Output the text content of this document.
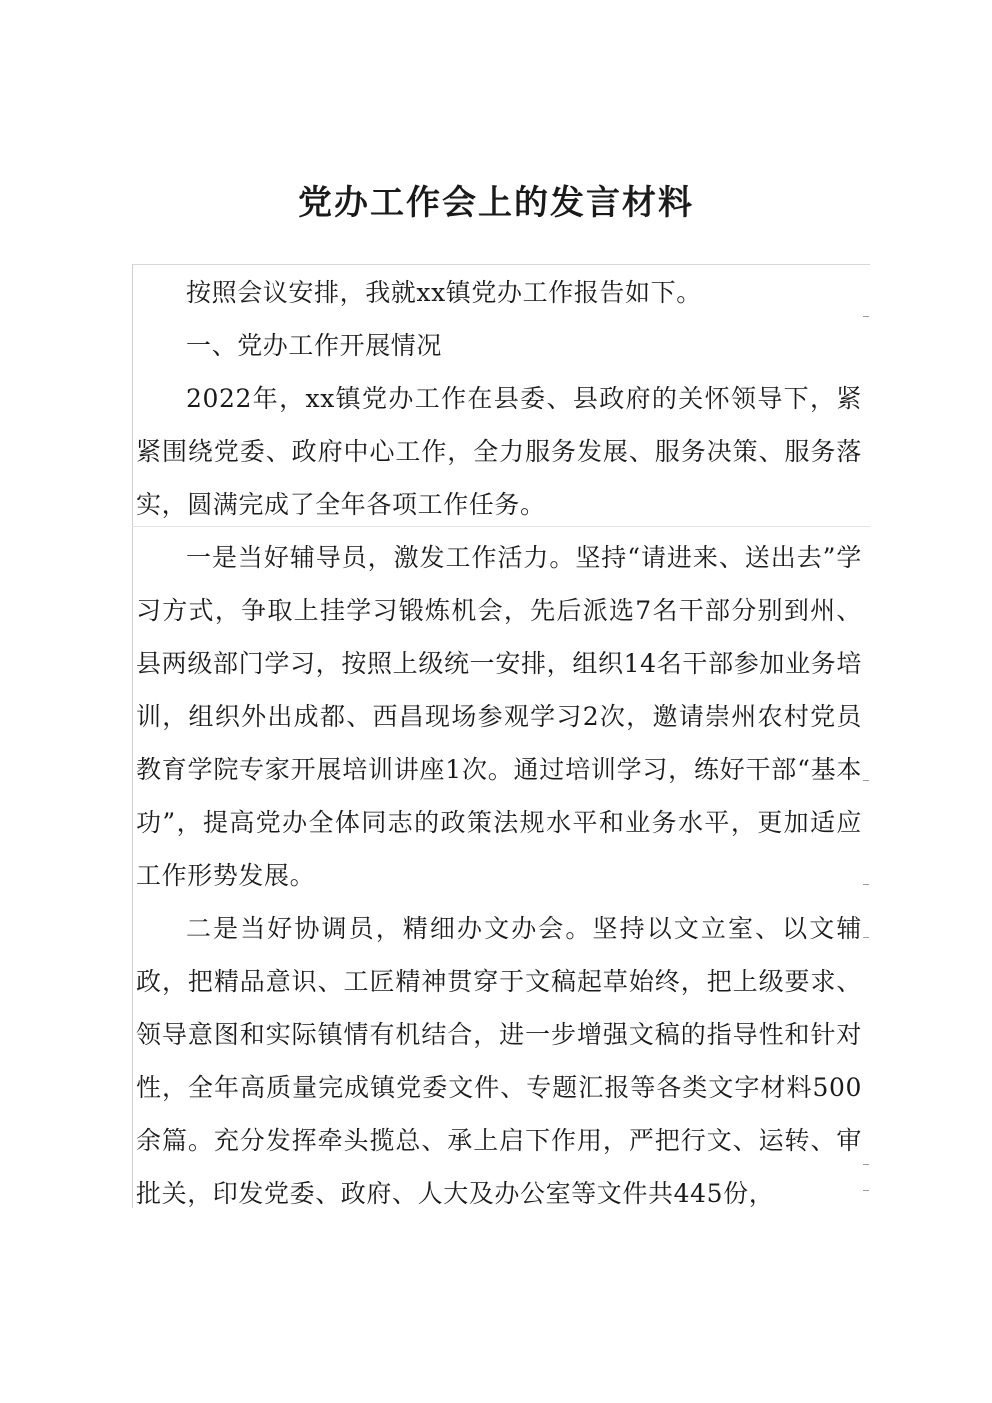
党办工作会上的发言材料

按照会议安排，我就xx镇党办工作报告如下。

一、党办工作开展情况

2022年，xx镇党办工作在县委、县政府的关怀领导下，紧紧围绕党委、政府中心工作，全力服务发展、服务决策、服务落实，圆满完成了全年各项工作任务。

一是当好辅导员，激发工作活力。坚持“请进来、送出去”学习方式，争取上挂学习锻炼机会，先后派选7名干部分别到州、县两级部门学习，按照上级统一安排，组织14名干部参加业务培训，组织外出成都、西昌现场参观学习2次，邀请崇州农村党员教育学院专家开展培训讲座1次。通过培训学习，练好干部“基本功”，提高党办全体同志的政策法规水平和业务水平，更加适应工作形势发展。

二是当好协调员，精细办文办会。坚持以文立室、以文辅政，把精品意识、工匠精神贯穿于文稿起草始终，把上级要求、领导意图和实际镇情有机结合，进一步增强文稿的指导性和针对性，全年高质量完成镇党委文件、专题汇报等各类文字材料500余篇。充分发挥牵头揽总、承上启下作用，严把行文、运转、审批关，印发党委、政府、人大及办公室等文件共445份，
